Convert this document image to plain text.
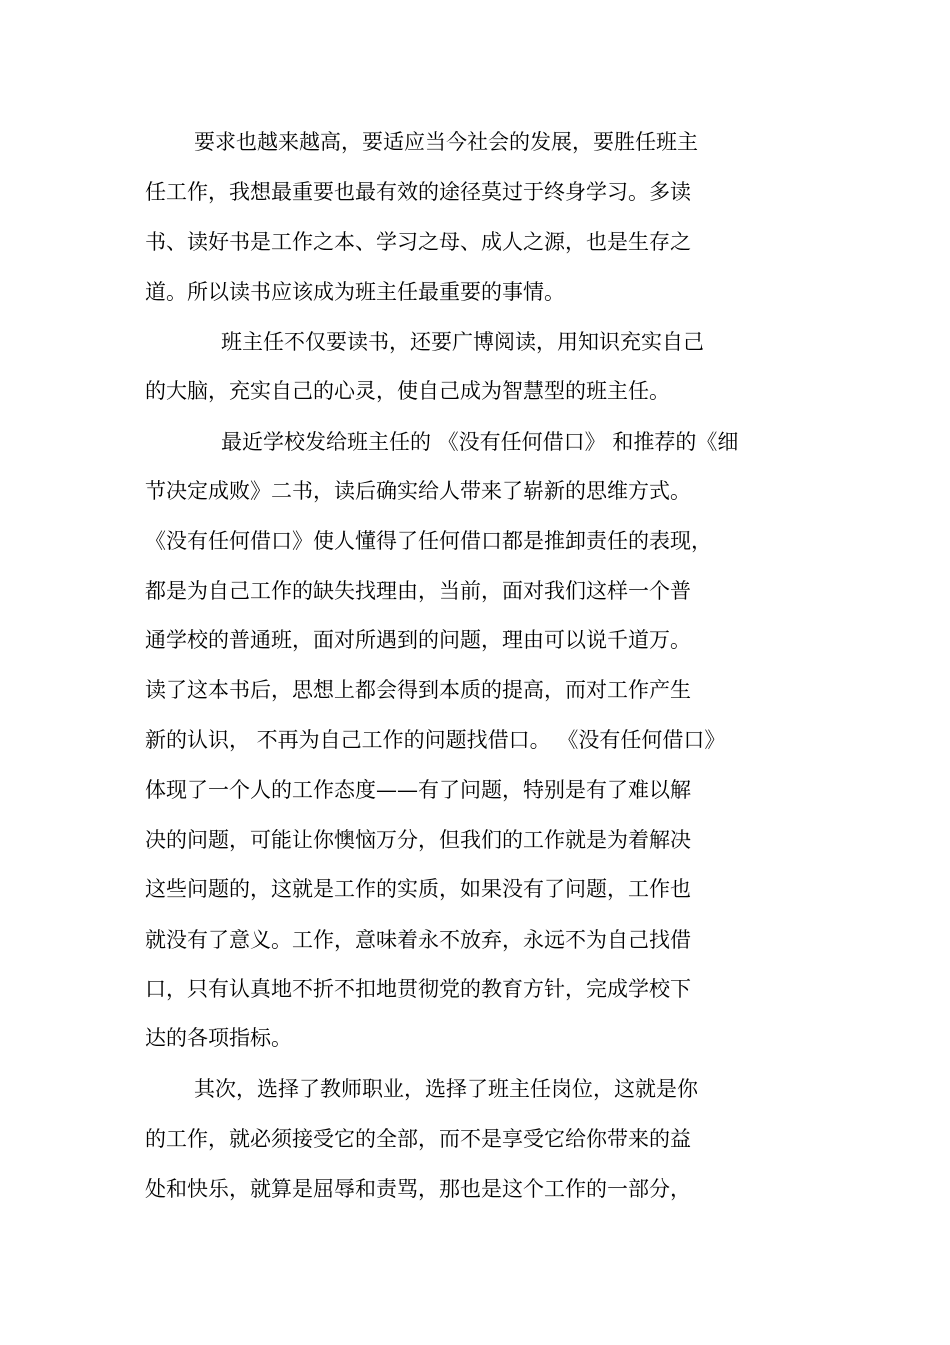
要求也越来越高，要适应当今社会的发展，要胜任班主
任工作，我想最重要也最有效的途径莫过于终身学习。多读
书、读好书是工作之本、学习之母、成人之源，也是生存之
道。所以读书应该成为班主任最重要的事情。
班主任不仅要读书，还要广博阅读，用知识充实自己
的大脑，充实自己的心灵，使自己成为智慧型的班主任。
最近学校发给班主任的 《没有任何借口》 和推荐的《细
节决定成败》二书，读后确实给人带来了崭新的思维方式。
《没有任何借口》使人懂得了任何借口都是推卸责任的表现，
都是为自己工作的缺失找理由，当前，面对我们这样一个普
通学校的普通班，面对所遇到的问题，理由可以说千道万。
读了这本书后，思想上都会得到本质的提高，而对工作产生
新的认识， 不再为自己工作的问题找借口。 《没有任何借口》
体现了一个人的工作态度——有了问题，特别是有了难以解
决的问题，可能让你懊恼万分，但我们的工作就是为着解决
这些问题的，这就是工作的实质，如果没有了问题，工作也
就没有了意义。工作，意味着永不放弃，永远不为自己找借
口，只有认真地不折不扣地贯彻党的教育方针，完成学校下
达的各项指标。
其次，选择了教师职业，选择了班主任岗位，这就是你
的工作，就必须接受它的全部，而不是享受它给你带来的益
处和快乐，就算是屈辱和责骂，那也是这个工作的一部分，
